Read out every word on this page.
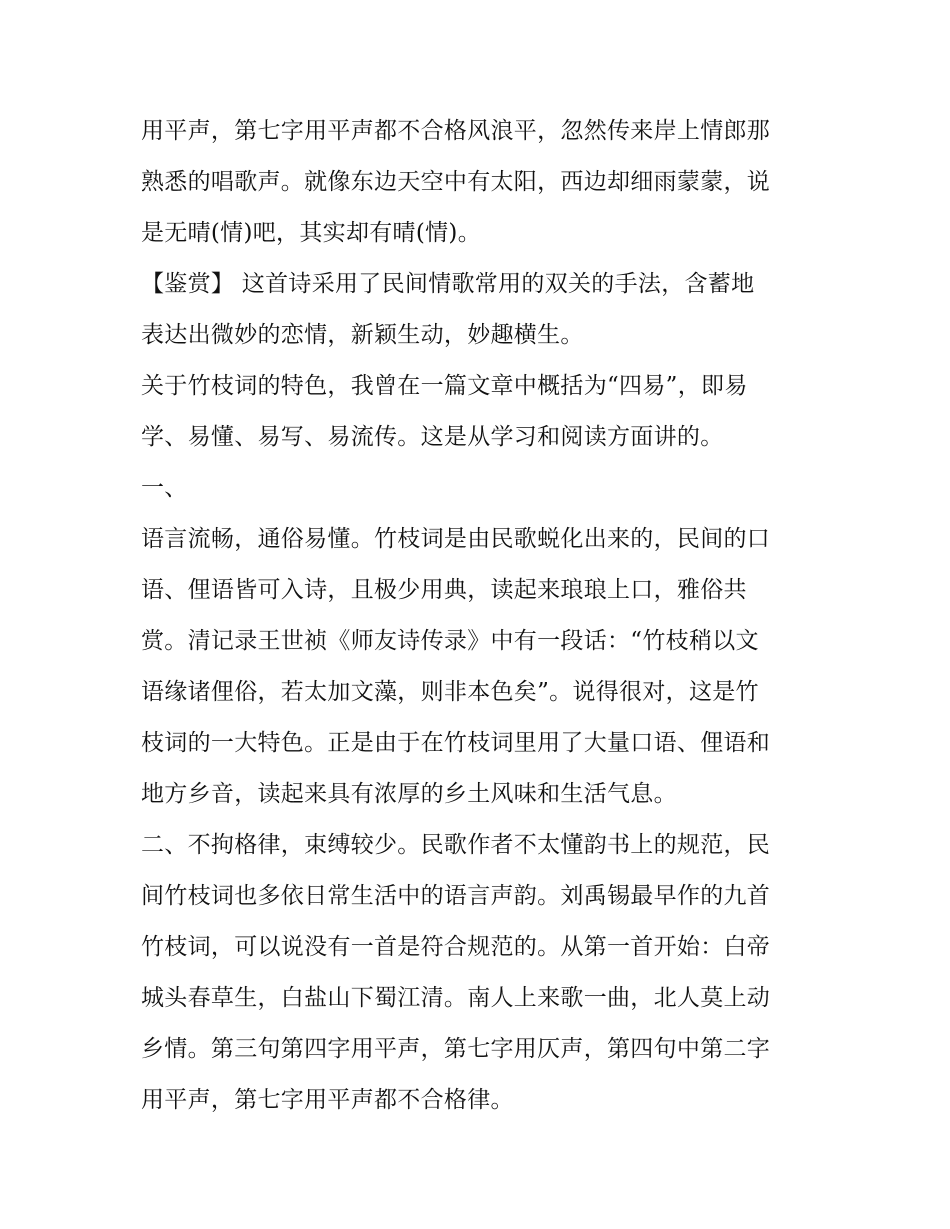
用平声，第七字用平声都不合格风浪平，忽然传来岸上情郎那
熟悉的唱歌声。就像东边天空中有太阳，西边却细雨蒙蒙，说
是无晴(情)吧，其实却有晴(情)。
【鉴赏】 这首诗采用了民间情歌常用的双关的手法，含蓄地
表达出微妙的恋情，新颖生动，妙趣横生。
关于竹枝词的特色，我曾在一篇文章中概括为“四易”，即易
学、易懂、易写、易流传。这是从学习和阅读方面讲的。
一、
语言流畅，通俗易懂。竹枝词是由民歌蜕化出来的，民间的口
语、俚语皆可入诗，且极少用典，读起来琅琅上口，雅俗共
赏。清记录王世祯《师友诗传录》中有一段话：“竹枝稍以文
语缘诸俚俗，若太加文藻，则非本色矣”。说得很对，这是竹
枝词的一大特色。正是由于在竹枝词里用了大量口语、俚语和
地方乡音，读起来具有浓厚的乡土风味和生活气息。
二、不拘格律，束缚较少。民歌作者不太懂韵书上的规范，民
间竹枝词也多依日常生活中的语言声韵。刘禹锡最早作的九首
竹枝词，可以说没有一首是符合规范的。从第一首开始：白帝
城头春草生，白盐山下蜀江清。南人上来歌一曲，北人莫上动
乡情。第三句第四字用平声，第七字用仄声，第四句中第二字
用平声，第七字用平声都不合格律。
